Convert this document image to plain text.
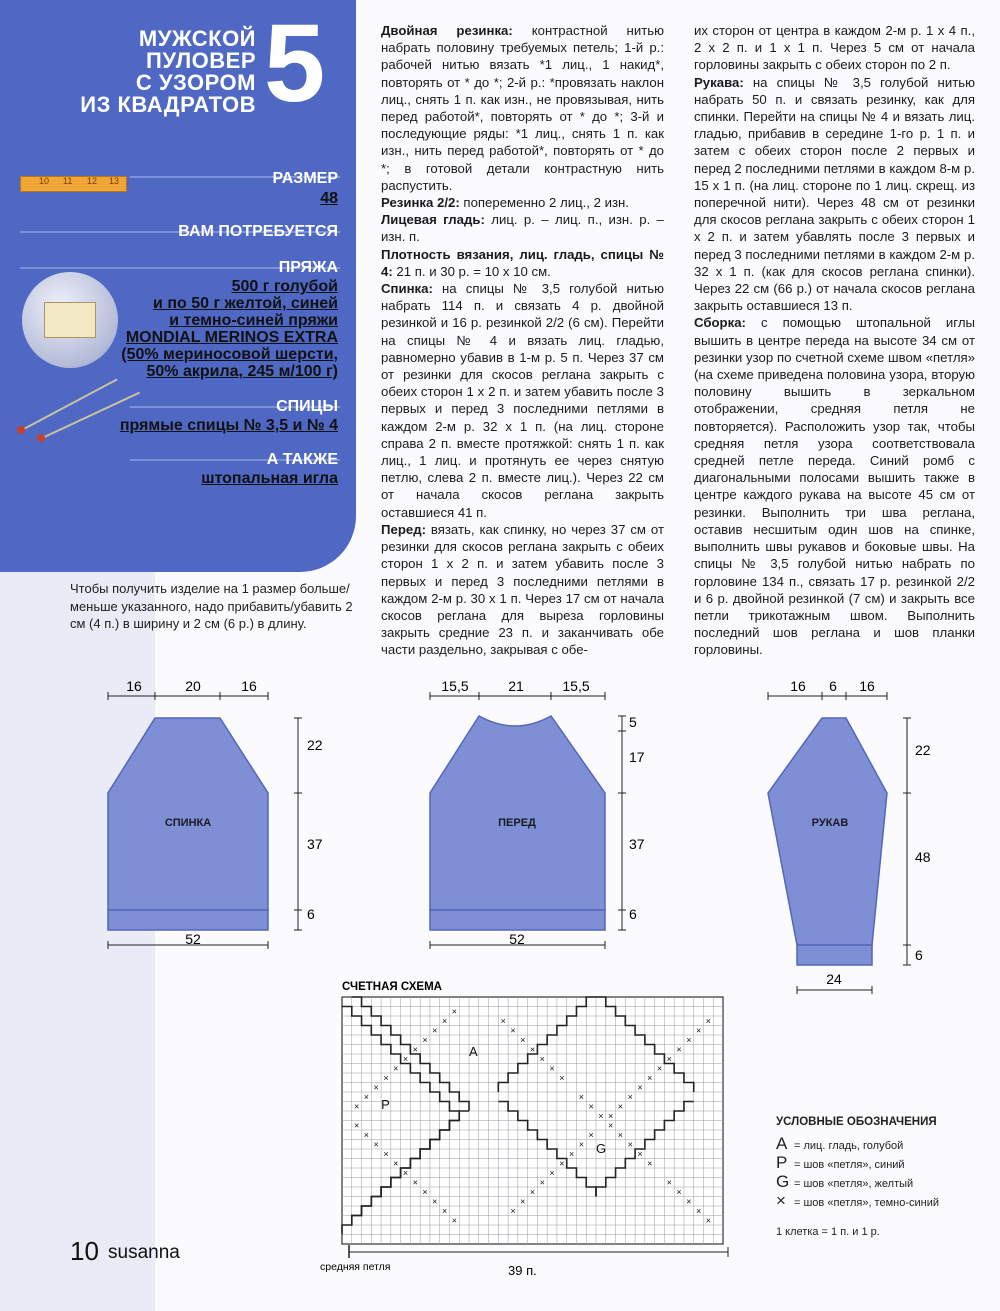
МУЖСКОЙ
ПУЛОВЕР
С УЗОРОМ
ИЗ КВАДРАТОВ 5
10 11 12 13	РАЗМЕР
48
ВАМ ПОТРЕБУЕТСЯ
ПРЯЖА
500 г голубой
и по 50 г желтой, синей
и темно-синей пряжи
MONDIAL MERINOS EXTRA
(50% мериносовой шерсти,
50% акрила, 245 м/100 г)
СПИЦЫ
прямые спицы № 3,5 и № 4
А ТАКЖЕ
штопальная игла

Двойная резинка: контрастной нитью набрать половину требуемых петель; 1-й р.: рабочей нитью вязать *1 лиц., 1 накид*, повторять от * до *; 2-й р.: *провязать наклон лиц., снять 1 п. как изн., не провязывая, нить перед работой*, повторять от * до *; 3-й и последующие ряды: *1 лиц., снять 1 п. как изн., нить перед работой*, повторять от * до *; в готовой детали контрастную нить распустить.

Резинка 2/2: попеременно 2 лиц., 2 изн.

Лицевая гладь: лиц. р. – лиц. п., изн. р. – изн. п.

Плотность вязания, лиц. гладь, спицы № 4: 21 п. и 30 р. = 10 x 10 см.

Спинка: на спицы № 3,5 голубой нитью набрать 114 п. и связать 4 р. двойной резинкой и 16 р. резинкой 2/2 (6 см). Перейти на спицы № 4 и вязать лиц. гладью, равномерно убавив в 1-м р. 5 п. Через 37 см от резинки для скосов реглана закрыть с обеих сторон 1 x 2 п. и затем убавить после 3 первых и перед 3 последними петлями в каждом 2-м р. 32 x 1 п. (на лиц. стороне справа 2 п. вместе протяжкой: снять 1 п. как лиц., 1 лиц. и протянуть ее через снятую петлю, слева 2 п. вместе лиц.). Через 22 см от начала скосов реглана закрыть оставшиеся 41 п.

Перед: вязать, как спинку, но через 37 см от резинки для скосов реглана закрыть с обеих сторон 1 x 2 п. и затем убавить после 3 первых и перед 3 последними петлями в каждом 2-м р. 30 x 1 п. Через 17 см от начала скосов реглана для выреза горловины закрыть средние 23 п. и заканчивать обе части раздельно, закрывая с обе-

их сторон от центра в каждом 2-м р. 1 x 4 п., 2 x 2 п. и 1 x 1 п. Через 5 см от начала горловины закрыть с обеих сторон по 2 п.

Рукава: на спицы № 3,5 голубой нитью набрать 50 п. и связать резинку, как для спинки. Перейти на спицы № 4 и вязать лиц. гладью, прибавив в середине 1-го р. 1 п. и затем с обеих сторон после 2 первых и перед 2 последними петлями в каждом 8-м р. 15 x 1 п. (на лиц. стороне по 1 лиц. скрещ. из поперечной нити). Через 48 см от резинки для скосов реглана закрыть с обеих сторон 1 x 2 п. и затем убавлять после 3 первых и перед 3 последними петлями в каждом 2-м р. 32 x 1 п. (как для скосов реглана спинки). Через 22 см (66 р.) от начала скосов реглана закрыть оставшиеся 13 п.

Сборка: с помощью штопальной иглы вышить в центре переда на высоте 34 см от резинки узор по счетной схеме швом «петля» (на схеме приведена половина узора, вторую половину вышить в зеркальном отображении, средняя петля не повторяется). Расположить узор так, чтобы средняя петля узора соответствовала средней петле переда. Синий ромб с диагональными полосами вышить также в центре каждого рукава на высоте 45 см от резинки. Выполнить три шва реглана, оставив несшитым один шов на спинке, выполнить швы рукавов и боковые швы. На спицы № 3,5 голубой нитью набрать по горловине 134 п., связать 17 р. резинкой 2/2 и 6 р. двойной резинкой (7 см) и закрыть все петли трикотажным швом. Выполнить последний шов реглана и шов планки горловины.

Чтобы получить изделие на 1 размер больше/меньше указанного, надо прибавить/убавить 2 см (4 п.) в ширину и 2 см (6 р.) в длину.
СПИНКА
16	20	16
22
37
6
52
ПЕРЕД
15,5	21	15,5
5
17
37
6
52
РУКАВ
16 6 16
22
48
6
24
СЧЕТНАЯ СХЕМА
×
×
×
×
×
×
×
×
×
×
×
×
×
×
×
×
×
×
×
×
×
×
×
×
×
×
×
×
×
×
×
×
×
×
×
×
×
×
×
×
×
×
×
×
×
×
×
×
×
×
×
×
×
×
×
×
×
×
×
×
×
×
A
P
G
средняя петля	39 п.
УСЛОВНЫЕ ОБОЗНАЧЕНИЯ
A = лиц. гладь, голубой
P = шов «петля», синий
G = шов «петля», желтый
× = шов «петля», темно-синий
1 клетка = 1 п. и 1 р.
10 susanna
